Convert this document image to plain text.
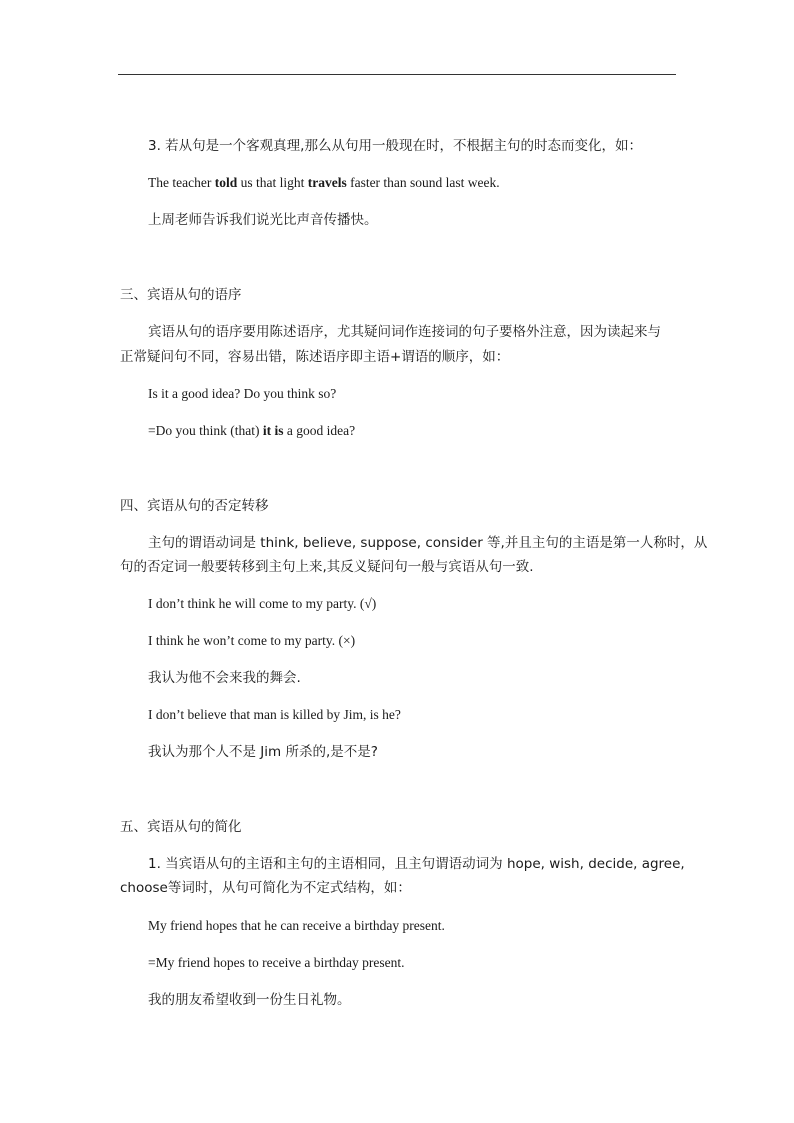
3. 若从句是一个客观真理,那么从句用一般现在时，不根据主句的时态而变化，如：
The teacher told us that light travels faster than sound last week.
上周老师告诉我们说光比声音传播快。
三、宾语从句的语序
宾语从句的语序要用陈述语序，尤其疑问词作连接词的句子要格外注意，因为读起来与
正常疑问句不同，容易出错，陈述语序即主语+谓语的顺序，如：
Is it a good idea? Do you think so?
=Do you think (that) it is a good idea?
四、宾语从句的否定转移
主句的谓语动词是 think, believe, suppose, consider 等,并且主句的主语是第一人称时，从
句的否定词一般要转移到主句上来,其反义疑问句一般与宾语从句一致.
I don’t think he will come to my party. (√)
I think he won’t come to my party. (×)
我认为他不会来我的舞会.
I don’t believe that man is killed by Jim, is he?
我认为那个人不是 Jim 所杀的,是不是?
五、宾语从句的简化
1. 当宾语从句的主语和主句的主语相同，且主句谓语动词为 hope, wish, decide, agree,
choose等词时，从句可简化为不定式结构，如：
My friend hopes that he can receive a birthday present.
=My friend hopes to receive a birthday present.
我的朋友希望收到一份生日礼物。
